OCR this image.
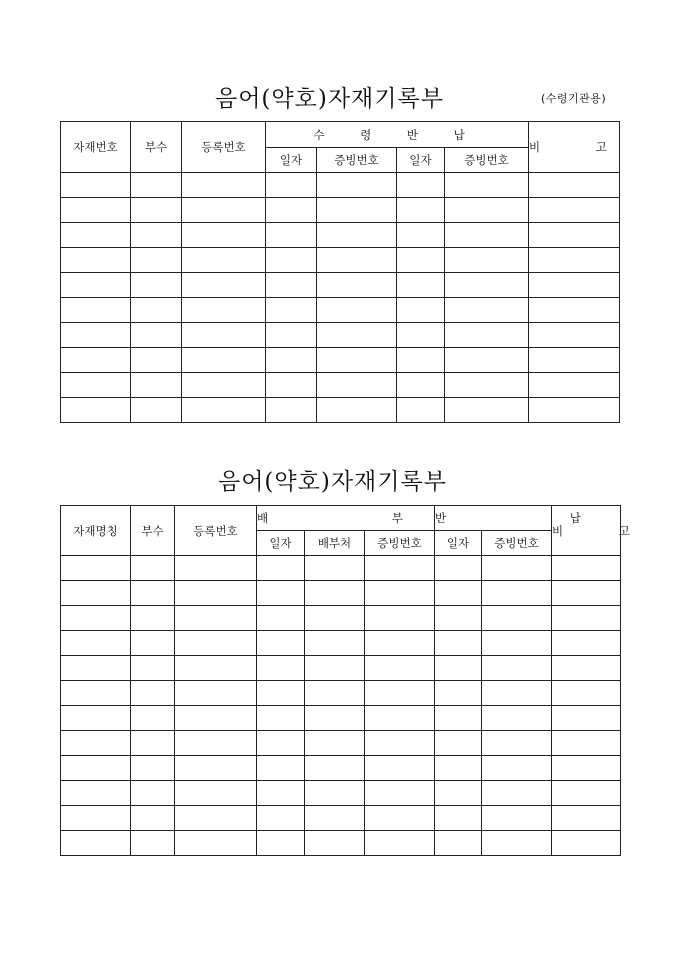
음어(약호)자재기록부	(수령기관용)
자재번호	부수	등록번호	수 령 반 납				비 고
			일자	증빙번호	일자	증빙번호	

음어(약호)자재기록부
자재명칭	부수	등록번호	배 부			반 납		비 고
			일자	배부처	증빙번호	일자	증빙번호	
